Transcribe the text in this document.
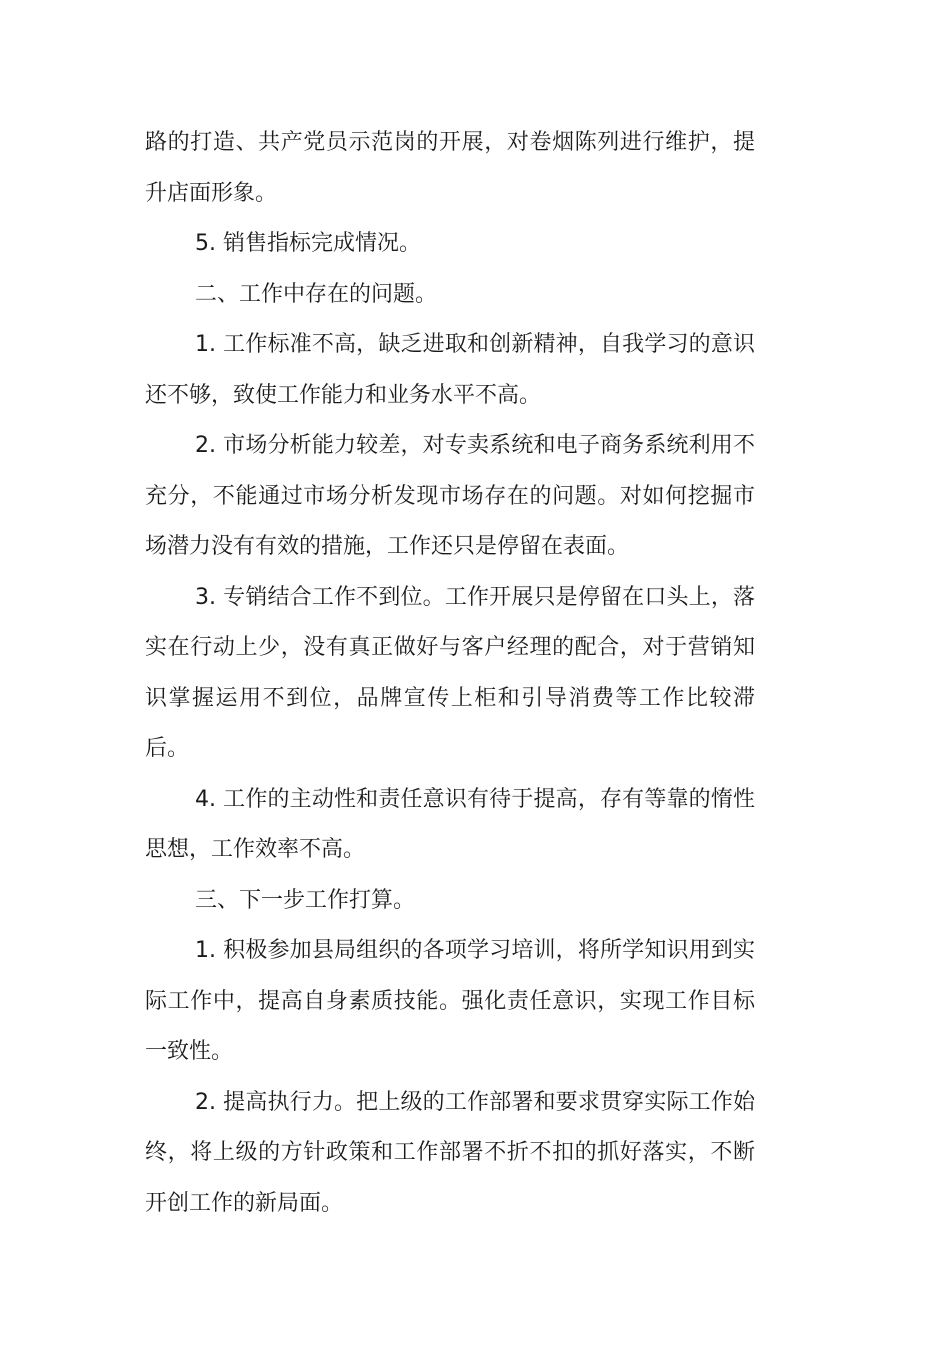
路的打造、共产党员示范岗的开展，对卷烟陈列进行维护，提升店面形象。

5. 销售指标完成情况。

二、工作中存在的问题。

1. 工作标准不高，缺乏进取和创新精神，自我学习的意识还不够，致使工作能力和业务水平不高。

2. 市场分析能力较差，对专卖系统和电子商务系统利用不充分，不能通过市场分析发现市场存在的问题。对如何挖掘市场潜力没有有效的措施，工作还只是停留在表面。

3. 专销结合工作不到位。工作开展只是停留在口头上，落实在行动上少，没有真正做好与客户经理的配合，对于营销知识掌握运用不到位，品牌宣传上柜和引导消费等工作比较滞后。

4. 工作的主动性和责任意识有待于提高，存有等靠的惰性思想，工作效率不高。

三、下一步工作打算。

1. 积极参加县局组织的各项学习培训，将所学知识用到实际工作中，提高自身素质技能。强化责任意识，实现工作目标一致性。

2. 提高执行力。把上级的工作部署和要求贯穿实际工作始终，将上级的方针政策和工作部署不折不扣的抓好落实，不断开创工作的新局面。
